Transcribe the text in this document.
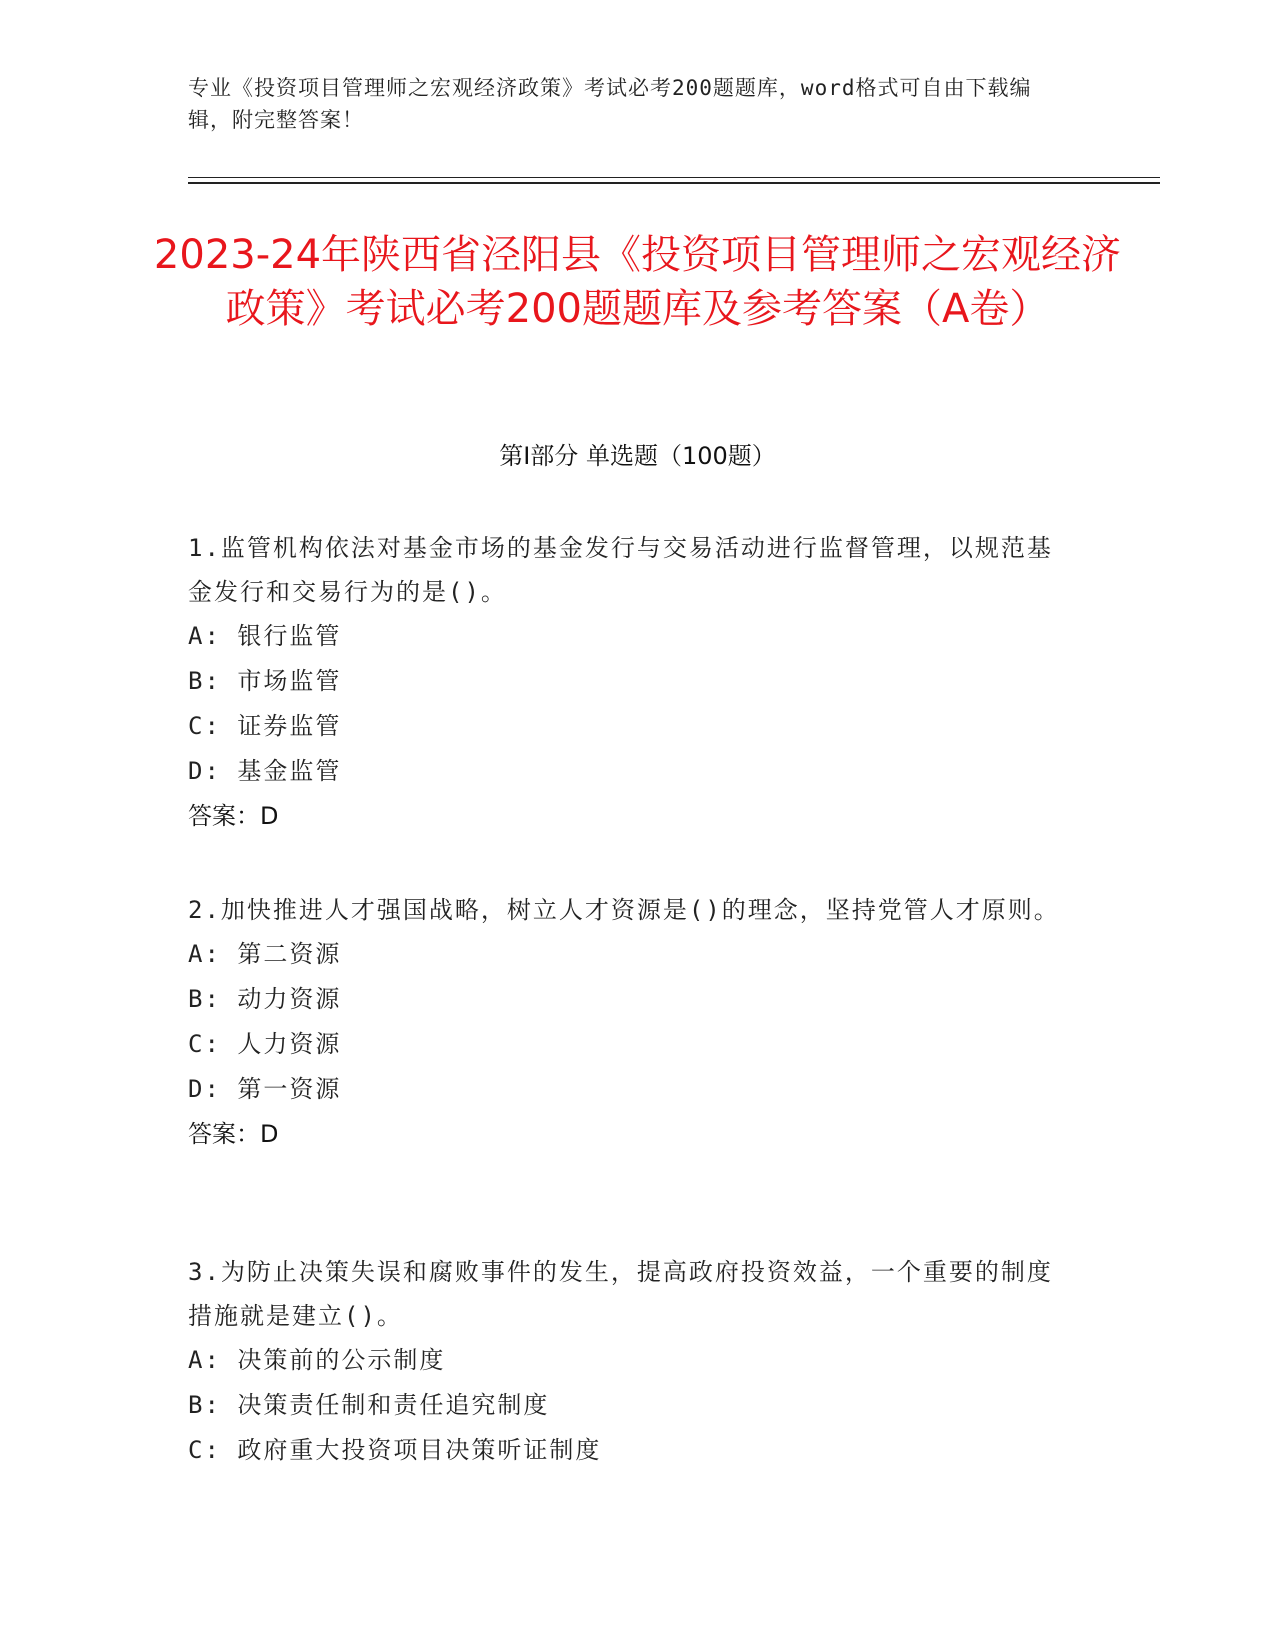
专业《投资项目管理师之宏观经济政策》考试必考200题题库，word格式可自由下载编辑，附完整答案！
2023-24年陕西省泾阳县《投资项目管理师之宏观经济政策》考试必考200题题库及参考答案（A卷）
第Ⅰ部分 单选题（100题）

1.监管机构依法对基金市场的基金发行与交易活动进行监督管理，以规范基金发行和交易行为的是()。

A: 银行监管
B: 市场监管
C: 证券监管
D: 基金监管
答案：D

2.加快推进人才强国战略，树立人才资源是()的理念，坚持党管人才原则。

A: 第二资源
B: 动力资源
C: 人力资源
D: 第一资源
答案：D

3.为防止决策失误和腐败事件的发生，提高政府投资效益，一个重要的制度措施就是建立()。

A: 决策前的公示制度
B: 决策责任制和责任追究制度
C: 政府重大投资项目决策听证制度
